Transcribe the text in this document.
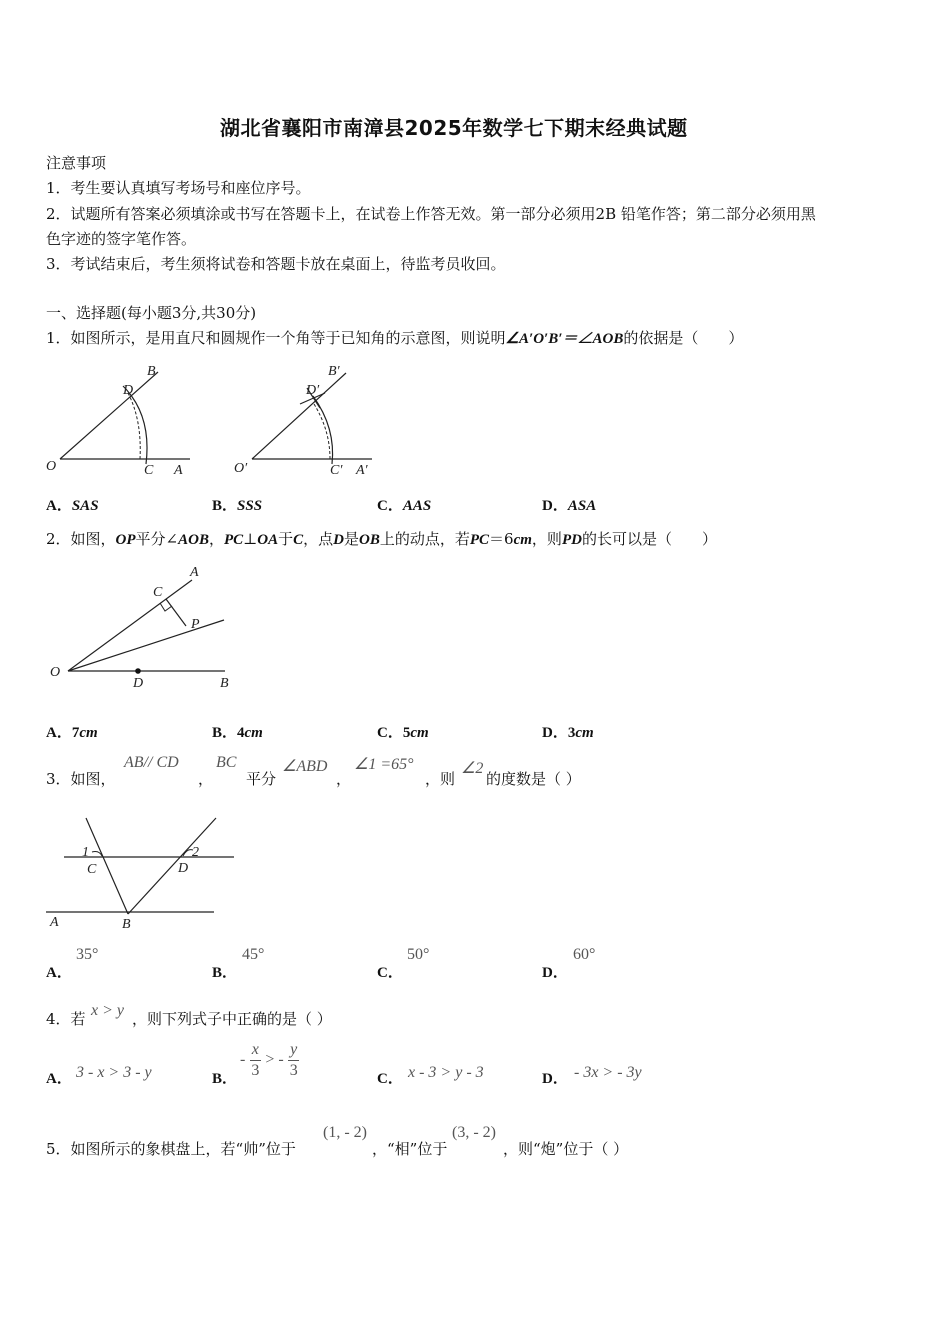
湖北省襄阳市南漳县2025年数学七下期末经典试题
注意事项
1．考生要认真填写考场号和座位序号。
2．试题所有答案必须填涂或书写在答题卡上，在试卷上作答无效。第一部分必须用2B 铅笔作答；第二部分必须用黑
色字迹的签字笔作答。
3．考试结束后，考生须将试卷和答题卡放在桌面上，待监考员收回。
一、选择题(每小题3分,共30分)
1．如图所示，是用直尺和圆规作一个角等于已知角的示意图，则说明∠A′O′B′＝∠AOB的依据是（　　）
B
D
O	C A
B′
D′
O′	C′ A′
A．SAS	B．SSS	C．AAS	D．ASA
2．如图，OP平分∠AOB，PC⊥OA于C，点D是OB上的动点，若PC＝6cm，则PD的长可以是（　　）
A
C
P
O
D	B
A．7cm	B．4cm	C．5cm	D．3cm
3．如图，
AB// CD
，
BC
平分
∠ABD
，
∠1 =65°
，则
∠2
的度数是（ ）
1	2
C	D
A	B
A．
35°
B．
45°
C．
50°
D．
60°
4．若 x > y ，则下列式子中正确的是（ ）
A． 3 - x > 3 - y	B．
- $\frac{x}{3}$ > - $\frac{y}{3}$	C． x - 3 > y - 3	D． - 3x > - 3y
5．如图所示的象棋盘上，若“帅”位于
(1, - 2)
，“相”位于
(3, - 2)
，则“炮”位于（ ）
